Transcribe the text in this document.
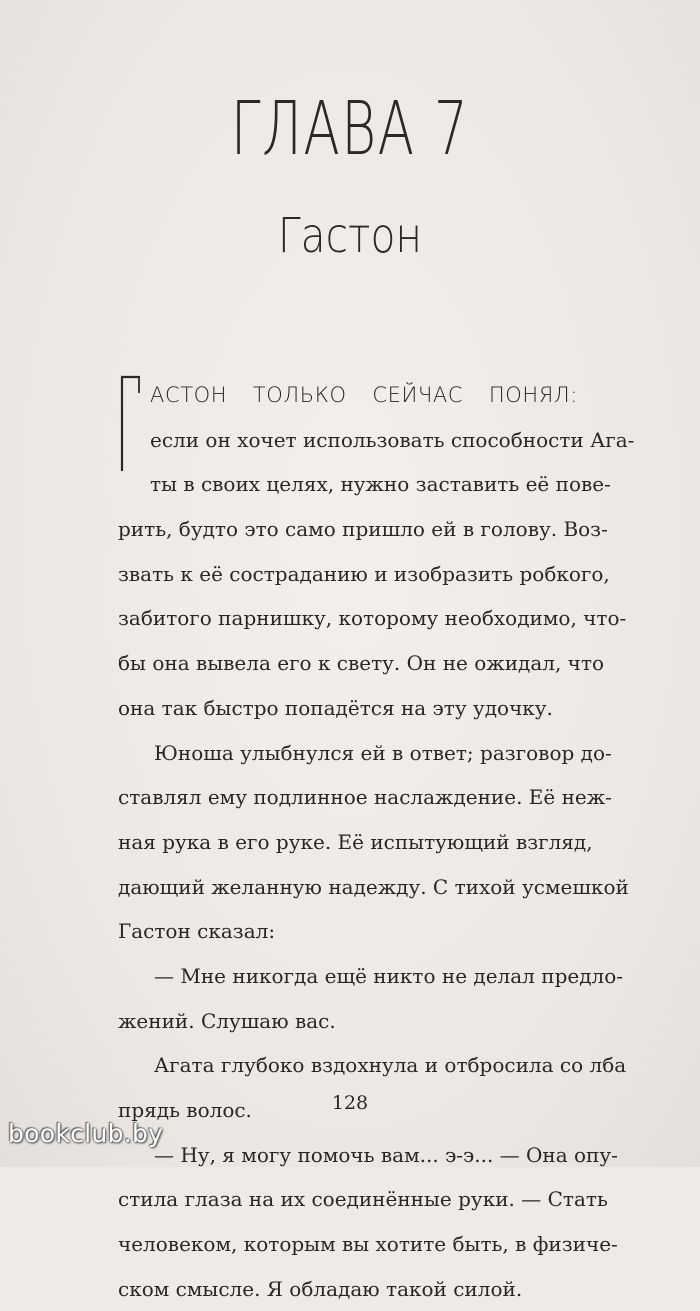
ГЛАВА 7
Гастон
АСТОН ТОЛЬКО СЕЙЧАС ПОНЯЛ:
если он хочет использовать способности Ага-
ты в своих целях, нужно заставить её пове-
рить, будто это само пришло ей в голову. Воз-
звать к её состраданию и изобразить робкого,
забитого парнишку, которому необходимо, что-
бы она вывела его к свету. Он не ожидал, что
она так быстро попадётся на эту удочку.
Юноша улыбнулся ей в ответ; разговор до-
ставлял ему подлинное наслаждение. Её неж-
ная рука в его руке. Её испытующий взгляд,
дающий желанную надежду. С тихой усмешкой
Гастон сказал:
— Мне никогда ещё никто не делал предло-
жений. Слушаю вас.
Агата глубоко вздохнула и отбросила со лба
прядь волос.
— Ну, я могу помочь вам... э-э... — Она опу-
стила глаза на их соединённые руки. — Стать
человеком, которым вы хотите быть, в физиче-
ском смысле. Я обладаю такой силой.
128
bookclub.by
